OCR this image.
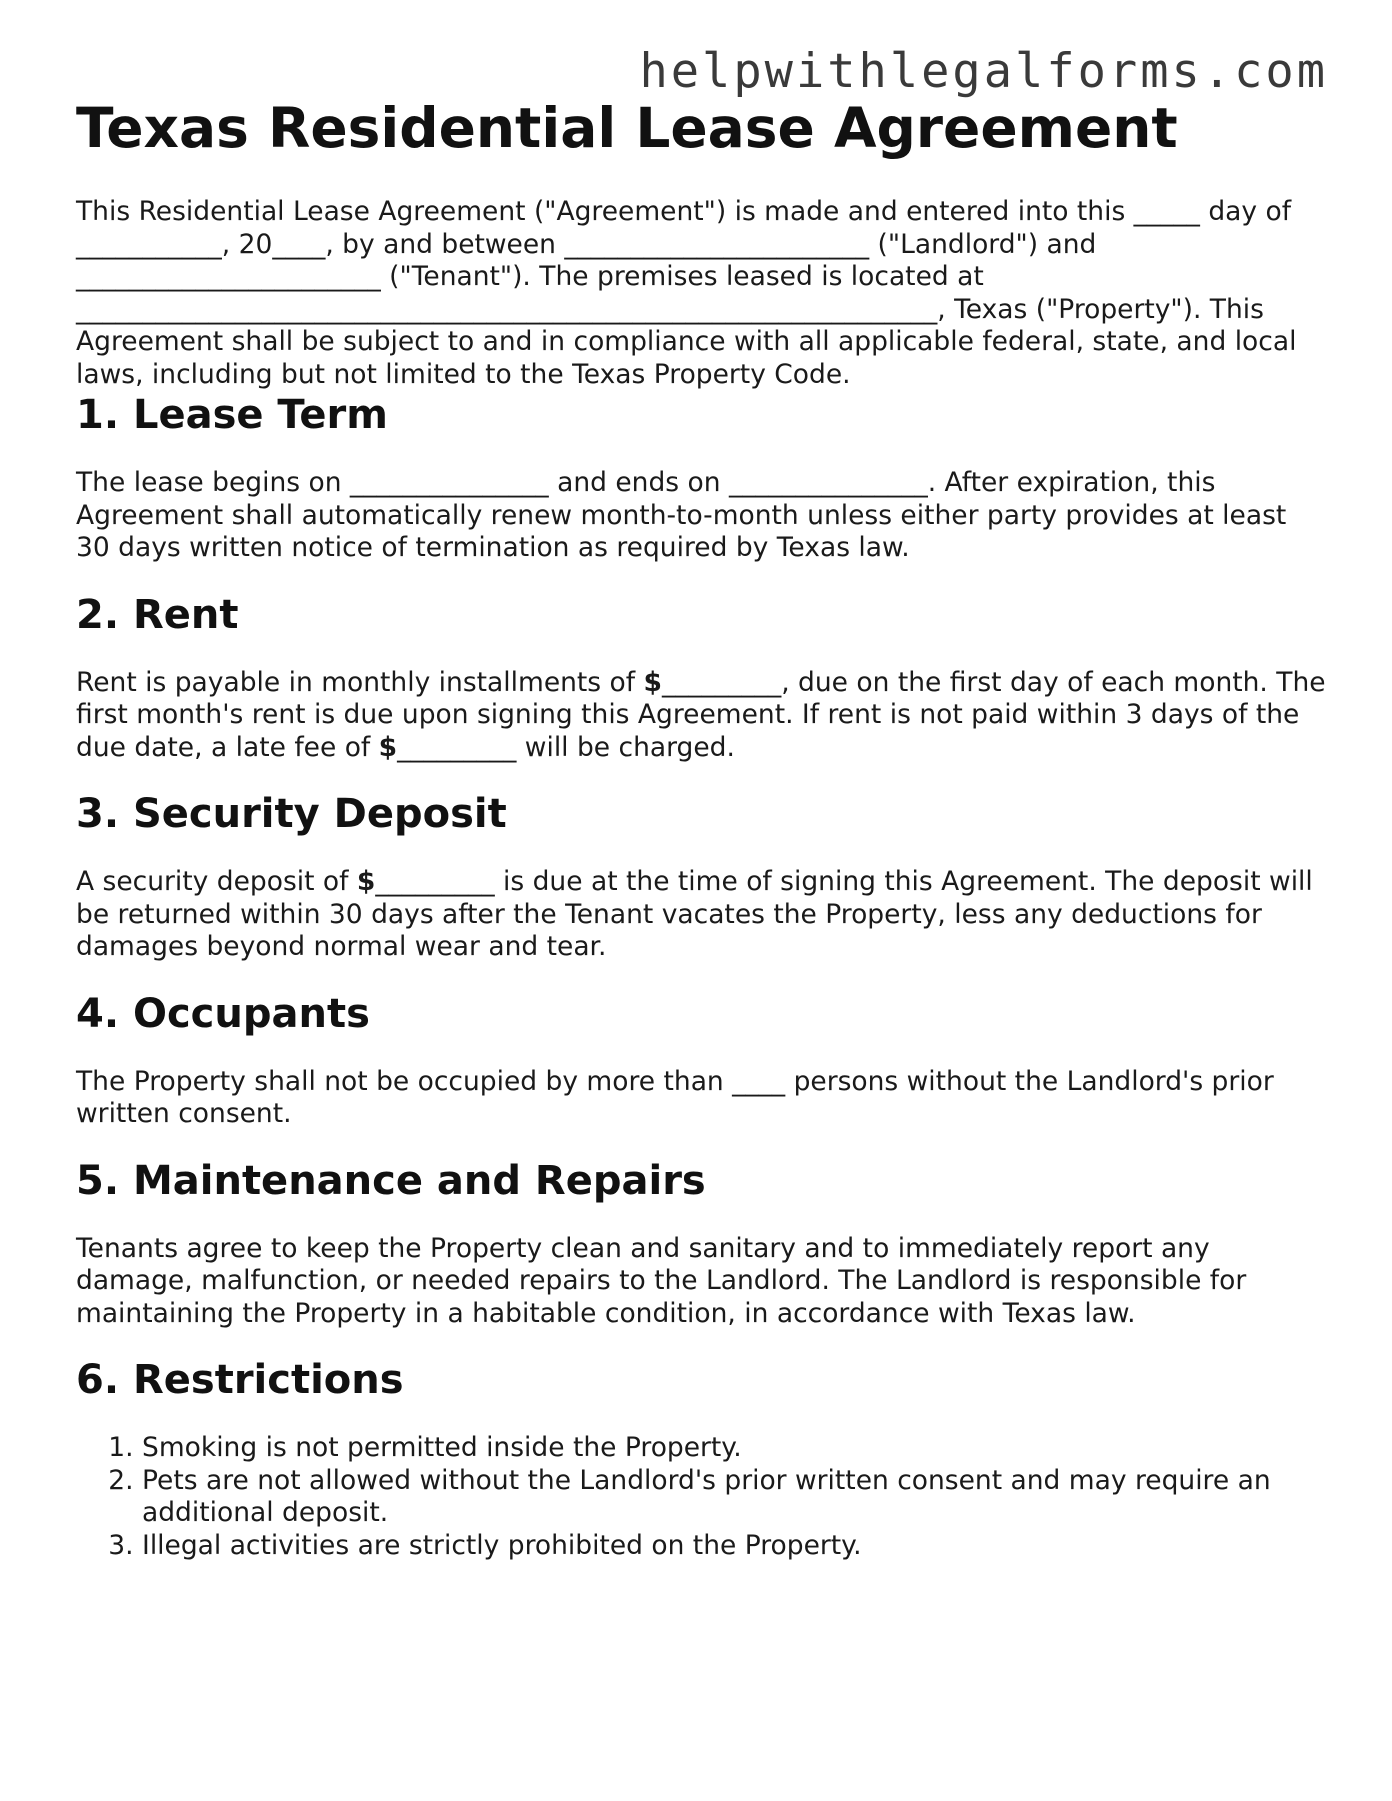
helpwithlegalforms.com
Texas Residential Lease Agreement

This Residential Lease Agreement ("Agreement") is made and entered into this _____ day of ___________, 20____, by and between _______________________ ("Landlord") and _______________________ ("Tenant"). The premises leased is located at _________________________________________________________________, Texas ("Property"). This Agreement shall be subject to and in compliance with all applicable federal, state, and local laws, including but not limited to the Texas Property Code.

1. Lease Term

The lease begins on _______________ and ends on _______________. After expiration, this Agreement shall automatically renew month-to-month unless either party provides at least 30 days written notice of termination as required by Texas law.

2. Rent

Rent is payable in monthly installments of $_________, due on the first day of each month. The first month's rent is due upon signing this Agreement. If rent is not paid within 3 days of the due date, a late fee of $_________ will be charged.

3. Security Deposit

A security deposit of $_________ is due at the time of signing this Agreement. The deposit will be returned within 30 days after the Tenant vacates the Property, less any deductions for damages beyond normal wear and tear.

4. Occupants

The Property shall not be occupied by more than ____ persons without the Landlord's prior written consent.

5. Maintenance and Repairs

Tenants agree to keep the Property clean and sanitary and to immediately report any damage, malfunction, or needed repairs to the Landlord. The Landlord is responsible for maintaining the Property in a habitable condition, in accordance with Texas law.

6. Restrictions
1. Smoking is not permitted inside the Property.
2. Pets are not allowed without the Landlord's prior written consent and may require an additional deposit.
3. Illegal activities are strictly prohibited on the Property.
